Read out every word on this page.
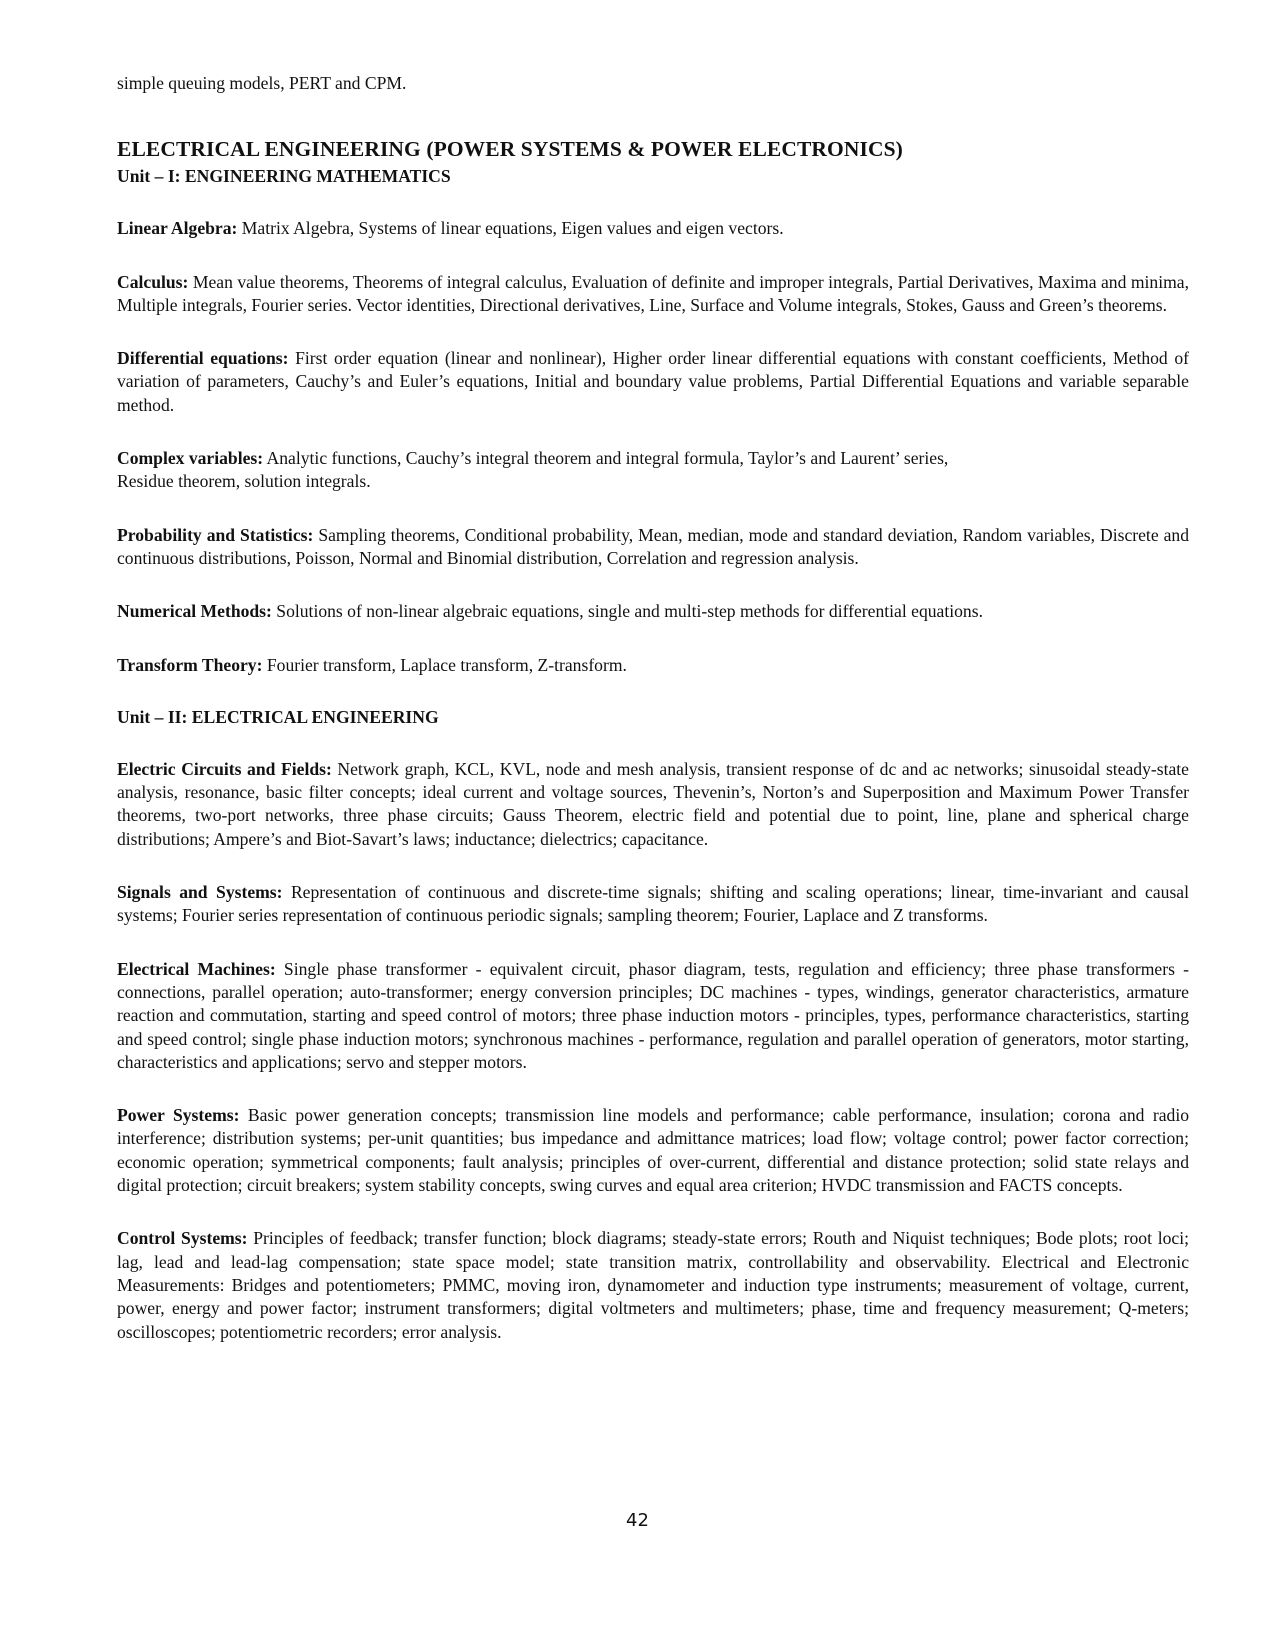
simple queuing models, PERT and CPM.

ELECTRICAL ENGINEERING (POWER SYSTEMS & POWER ELECTRONICS)
Unit – I: ENGINEERING MATHEMATICS

Linear Algebra: Matrix Algebra, Systems of linear equations, Eigen values and eigen vectors.

Calculus: Mean value theorems, Theorems of integral calculus, Evaluation of definite and improper integrals, Partial Derivatives, Maxima and minima, Multiple integrals, Fourier series. Vector identities, Directional derivatives, Line, Surface and Volume integrals, Stokes, Gauss and Green’s theorems.

Differential equations: First order equation (linear and nonlinear), Higher order linear differential equations with constant coefficients, Method of variation of parameters, Cauchy’s and Euler’s equations, Initial and boundary value problems, Partial Differential Equations and variable separable method.

Complex variables: Analytic functions, Cauchy’s integral theorem and integral formula, Taylor’s and Laurent’ series,
Residue theorem, solution integrals.

Probability and Statistics: Sampling theorems, Conditional probability, Mean, median, mode and standard deviation, Random variables, Discrete and continuous distributions, Poisson, Normal and Binomial distribution, Correlation and regression analysis.

Numerical Methods: Solutions of non-linear algebraic equations, single and multi-step methods for differential equations.

Transform Theory: Fourier transform, Laplace transform, Z-transform.

Unit – II: ELECTRICAL ENGINEERING

Electric Circuits and Fields: Network graph, KCL, KVL, node and mesh analysis, transient response of dc and ac networks; sinusoidal steady-state analysis, resonance, basic filter concepts; ideal current and voltage sources, Thevenin’s, Norton’s and Superposition and Maximum Power Transfer theorems, two-port networks, three phase circuits; Gauss Theorem, electric field and potential due to point, line, plane and spherical charge distributions; Ampere’s and Biot-Savart’s laws; inductance; dielectrics; capacitance.

Signals and Systems: Representation of continuous and discrete-time signals; shifting and scaling operations; linear, time-invariant and causal systems; Fourier series representation of continuous periodic signals; sampling theorem; Fourier, Laplace and Z transforms.

Electrical Machines: Single phase transformer - equivalent circuit, phasor diagram, tests, regulation and efficiency; three phase transformers - connections, parallel operation; auto-transformer; energy conversion principles; DC machines - types, windings, generator characteristics, armature reaction and commutation, starting and speed control of motors; three phase induction motors - principles, types, performance characteristics, starting and speed control; single phase induction motors; synchronous machines - performance, regulation and parallel operation of generators, motor starting, characteristics and applications; servo and stepper motors.

Power Systems: Basic power generation concepts; transmission line models and performance; cable performance, insulation; corona and radio interference; distribution systems; per-unit quantities; bus impedance and admittance matrices; load flow; voltage control; power factor correction; economic operation; symmetrical components; fault analysis; principles of over-current, differential and distance protection; solid state relays and digital protection; circuit breakers; system stability concepts, swing curves and equal area criterion; HVDC transmission and FACTS concepts.

Control Systems: Principles of feedback; transfer function; block diagrams; steady-state errors; Routh and Niquist techniques; Bode plots; root loci; lag, lead and lead-lag compensation; state space model; state transition matrix, controllability and observability. Electrical and Electronic Measurements: Bridges and potentiometers; PMMC, moving iron, dynamometer and induction type instruments; measurement of voltage, current, power, energy and power factor; instrument transformers; digital voltmeters and multimeters; phase, time and frequency measurement; Q-meters; oscilloscopes; potentiometric recorders; error analysis.

42
